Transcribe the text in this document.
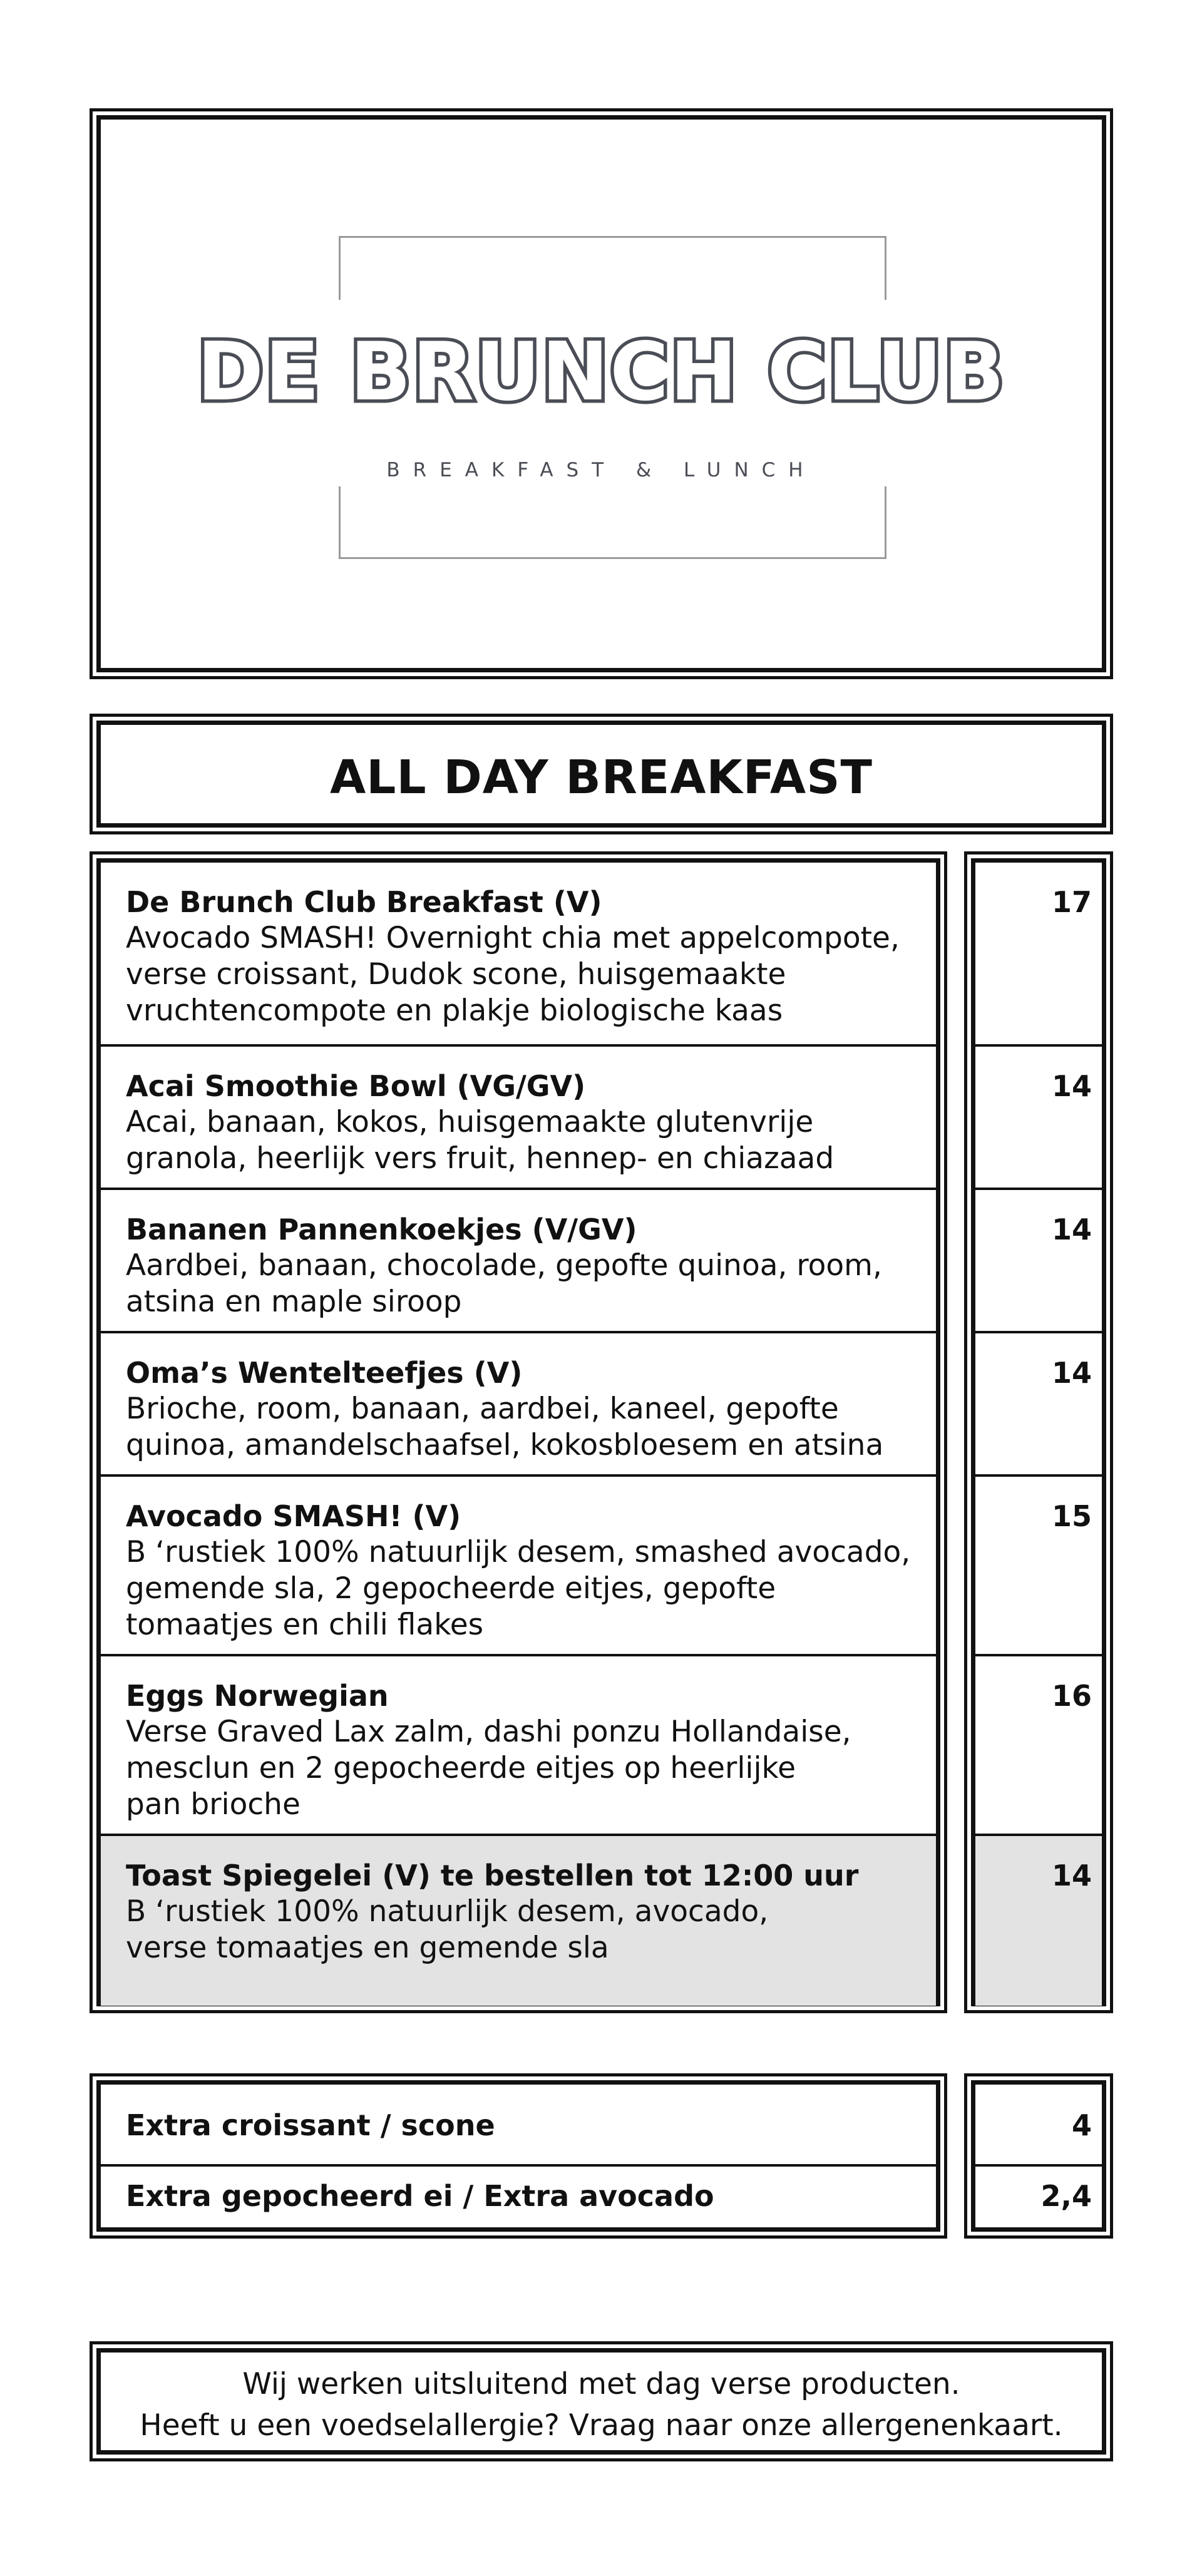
DE BRUNCH CLUB
BREAKFAST & LUNCH
ALL DAY BREAKFAST
De Brunch Club Breakfast (V)
Avocado SMASH! Overnight chia met appelcompote,
verse croissant, Dudok scone, huisgemaakte
vruchtencompote en plakje biologische kaas
Acai Smoothie Bowl (VG/GV)
Acai, banaan, kokos, huisgemaakte glutenvrije
granola, heerlijk vers fruit, hennep- en chiazaad
Bananen Pannenkoekjes (V/GV)
Aardbei, banaan, chocolade, gepofte quinoa, room,
atsina en maple siroop
Oma’s Wentelteefjes (V)
Brioche, room, banaan, aardbei, kaneel, gepofte
quinoa, amandelschaafsel, kokosbloesem en atsina
Avocado SMASH! (V)
B ‘rustiek 100% natuurlijk desem, smashed avocado,
gemende sla, 2 gepocheerde eitjes, gepofte
tomaatjes en chili flakes
Eggs Norwegian
Verse Graved Lax zalm, dashi ponzu Hollandaise,
mesclun en 2 gepocheerde eitjes op heerlijke
pan brioche
Toast Spiegelei (V) te bestellen tot 12:00 uur
B ‘rustiek 100% natuurlijk desem, avocado,
verse tomaatjes en gemende sla
17
14
14
14
15
16
14
Extra croissant / scone
Extra gepocheerd ei / Extra avocado
4
2,4
Wij werken uitsluitend met dag verse producten.
Heeft u een voedselallergie? Vraag naar onze allergenenkaart.
